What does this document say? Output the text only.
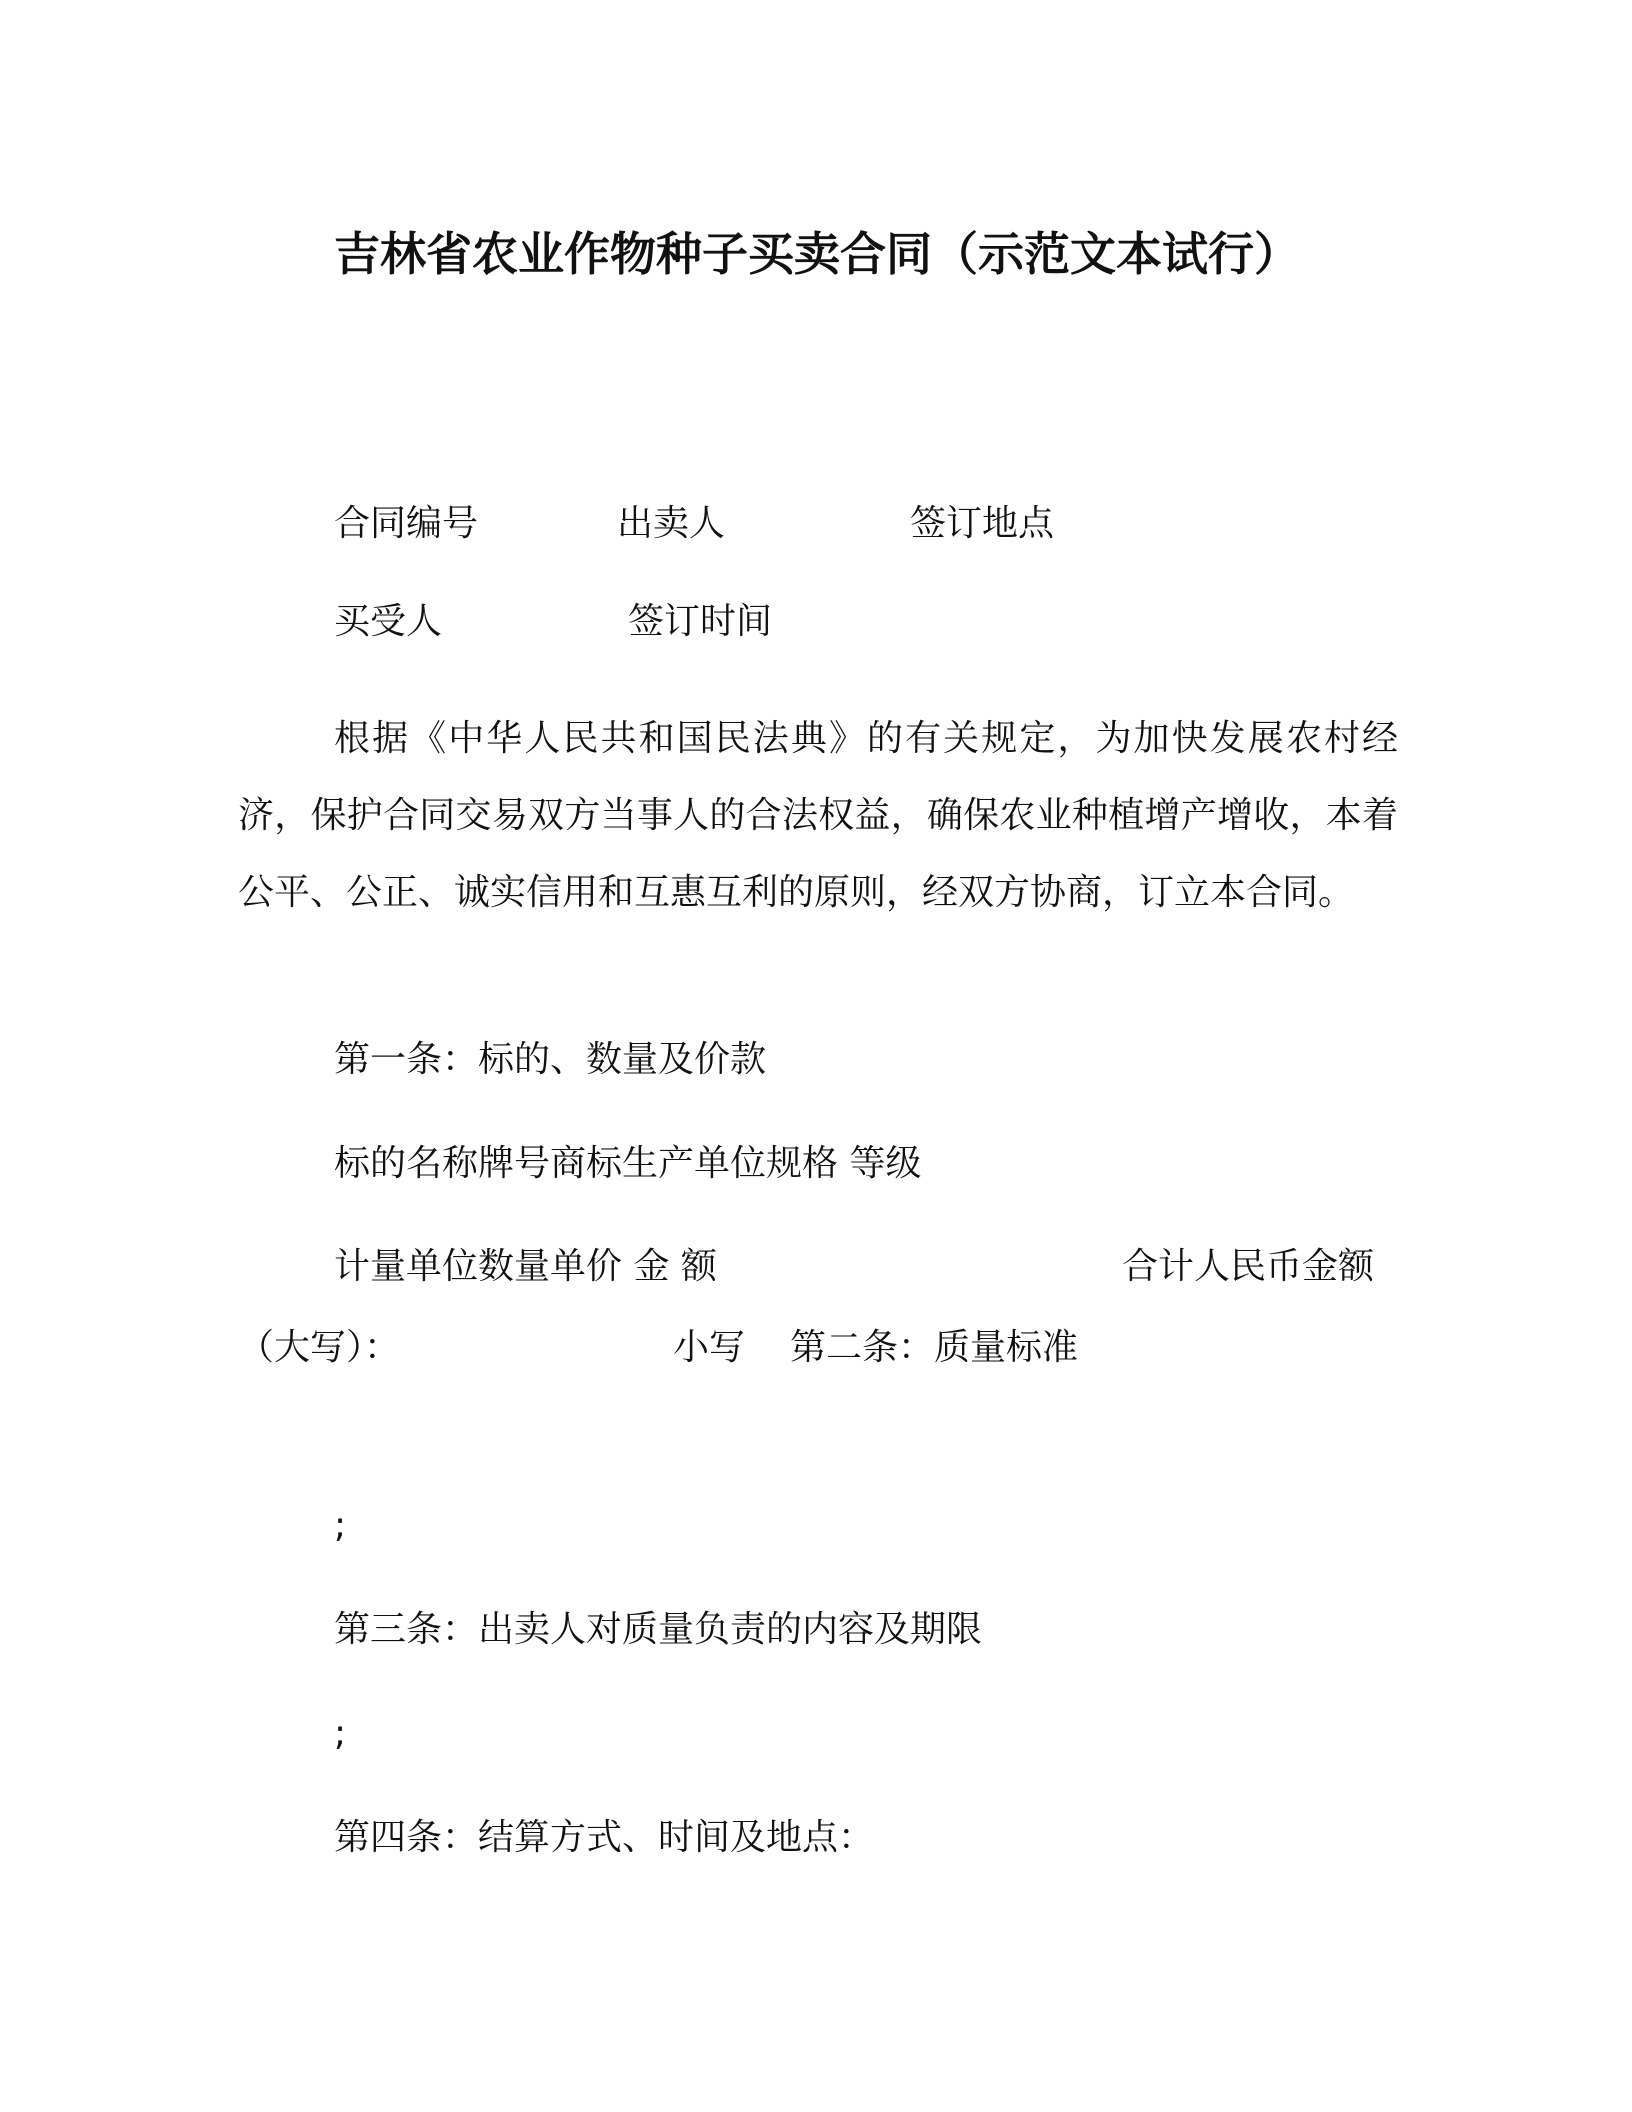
吉林省农业作物种子买卖合同（示范文本试行）
合同编号	出卖人	签订地点
买受人	签订时间
根据《中华人民共和国民法典》的有关规定，为加快发展农村经济，保护合同交易双方当事人的合法权益，确保农业种植增产增收，本着公平、公正、诚实信用和互惠互利的原则，经双方协商，订立本合同。
第一条：标的、数量及价款
标的名称牌号商标生产单位规格 等级
计量单位数量单价 金 额	合计人民币金额
（大写）：	小写 第二条：质量标准
;
第三条：出卖人对质量负责的内容及期限
;
第四条：结算方式、时间及地点：
